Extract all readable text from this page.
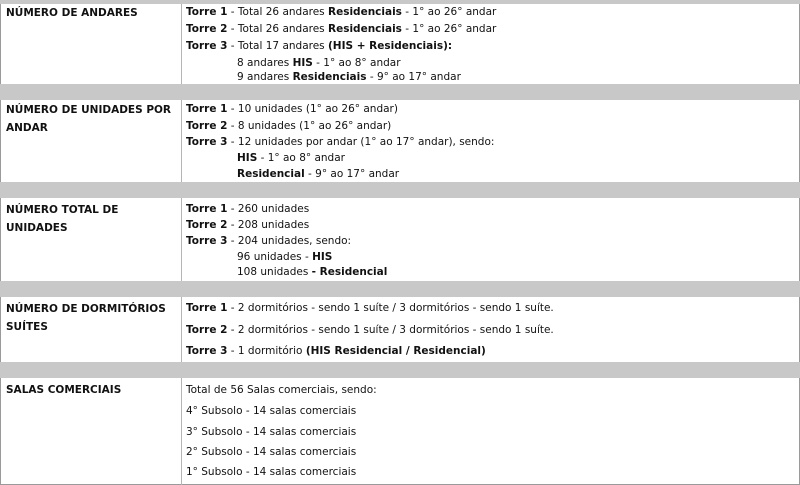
NÚMERO DE ANDARES	Torre 1 - Total 26 andares Residenciais - 1° ao 26° andar
Torre 2 - Total 26 andares Residenciais - 1° ao 26° andar
Torre 3 - Total 17 andares (HIS + Residenciais):
8 andares HIS - 1° ao 8° andar
9 andares Residenciais - 9° ao 17° andar
NÚMERO DE UNIDADES POR ANDAR
Torre 1 - 10 unidades (1° ao 26° andar)
Torre 2 - 8 unidades (1° ao 26° andar)
Torre 3 - 12 unidades por andar (1° ao 17° andar), sendo:
HIS - 1° ao 8° andar
Residencial - 9° ao 17° andar
NÚMERO TOTAL DE UNIDADES
Torre 1 - 260 unidades
Torre 2 - 208 unidades
Torre 3 - 204 unidades, sendo:
96 unidades - HIS
108 unidades - Residencial
NÚMERO DE DORMITÓRIOS SUÍTES
Torre 1 - 2 dormitórios - sendo 1 suíte / 3 dormitórios - sendo 1 suíte.
Torre 2 - 2 dormitórios - sendo 1 suíte / 3 dormitórios - sendo 1 suíte.
Torre 3 - 1 dormitório (HIS Residencial / Residencial)
SALAS COMERCIAIS	Total de 56 Salas comerciais, sendo:
4° Subsolo - 14 salas comerciais
3° Subsolo - 14 salas comerciais
2° Subsolo - 14 salas comerciais
1° Subsolo - 14 salas comerciais
